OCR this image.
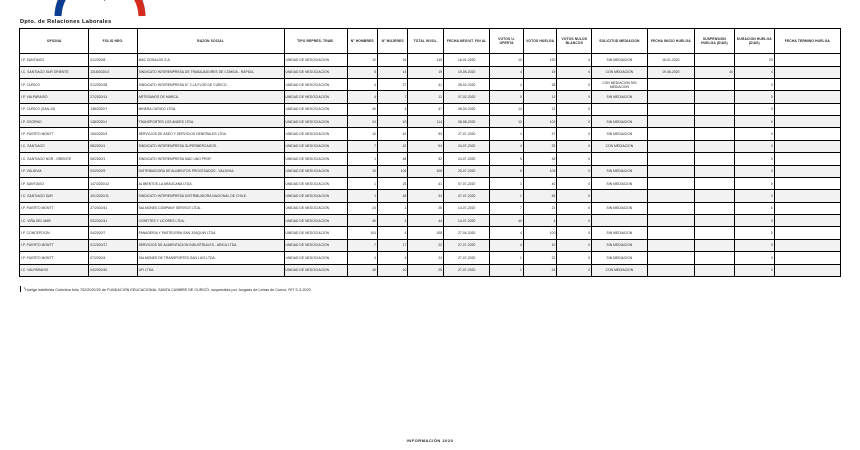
Dpto. de Relaciones Laborales
OFICINA	FOLIO NEG.	RAZON SOCIAL	TIPO REPRES. TRAB.	N° HOMBRES	N° MUJERES	TOTAL INVOL.	FECHA NEG/UT. FIN AL	VOTOS U. OFERTA	VOTOS HUELGA	VOTOS NULOS BLANCOS	SOLICITUD MEDIACION	FECHA INICIO HUELGA	SUSPENSION HUELGA (DIAS)	DURACION HUELGA (DIAS)	FECHA TERMINO HUELGA
I.P. SANTIAGO	01/2020/8	MAC DONALDS S.A.	UNIDAD DE NEGOCIACION	10	16	145	16-01-2020	10	130	4	SIN MEDIACION	16-01-2020		20	
I.C. SANTIAGO SUR ORIENTE	1318/2020/3	SINDICATO INTEREMPRESA DE TRABAJADORES DE COMIDA - RAPIDA.	UNIDAD DE NEGOCIACION	5	14	19	19-06-2020	4	15	0	CON MEDIACION	19-06-2020	40	4	
I.P. CURICO	01/2020/28	SINDICATO INTEREMPRESA N° 2 LA FLOR DE CURICO.	UNIDAD DE NEGOCIACION	4	27	41	28-02-2020	4	28	0	CON MEDIACION SIN MEDIACION			0	
I.P. VALPARAISO	27/2020/14	ARTESANOS DE MARCA.	UNIDAD DE NEGOCIACION	4	7	11	07-02-2020	0	11	0	SIN MEDIACION			0	
I.P. CURICO (SAN-10)	138/2020/7	MINERA CURICO LTDA.	UNIDAD DE NEGOCIACION	40	4	47	08-04-2020	14	21	0				0	
I.P. OSORNO	148/2020/1	TRANSPORTES LOS ANDES LTDA.	UNIDAD DE NEGOCIACION	24	10	114	08-08-2020	12	102	0	SIN MEDIACION			0	
I.P. PUERTO MONTT	105/2020/3	SERVICIOS DE ASEO Y SERVICIOS GENERALES LTDA.	UNIDAD DE NEGOCIACION	10	42	53	27-07-2020	4	47	0	SIN MEDIACION			0	
I.C. SANTIAGO	08/2020/1	SINDICATO INTEREMPRESA SUPERMERCADOS.	UNIDAD DE NEGOCIACION	7	42	54	24-07-2020	4	25	0	CON MEDIACION			0	
I.C. SANTIAGO NOR - ORIENTE	08/2020/1	SINDICATO INTEREMPRESA MAC UNO PROF.	UNIDAD DE NEGOCIACION	1	48	52	24-07-2020	5	48	0				0	
I.P. VALDIVIA	04/2020/9	DISTRIBUIDORA DE ALIMENTOS PROCESADOS - VALDIVIA.	UNIDAD DE NEGOCIACION	10	103	108	20-07-2020	5	104	0	SIN MEDIACION			0	
I.P. SANTIAGO	147/2020/12	ALIMENTOS LA ARAUCANA LTDA.	UNIDAD DE NEGOCIACION	1	25	41	07-07-2020	1	40	0	SIN MEDIACION			0	
I.C. SANTIAGO SUR	101/2020/11	SINDICATO INTEREMPRESA DISTRIBUIDORA NACIONAL DE CHILE.	UNIDAD DE NEGOCIACION	1	48	44	07-07-2020	1	45	0				0	
I.P. PUERTO MONTT	27/2020/41	SALMONES COMPANY SERVICE LTDA.	UNIDAD DE NEGOCIACION	24	1	25	14-07-2020	7	21	0	SIN MEDIACION			0	
I.C. VIÑA DEL MAR	03/2020/41	CONFITES Y LICORES LTDA.	UNIDAD DE NEGOCIACION	40	4	44	14-07-2020	40	4	0				0	
I.P. CONCEPCION	04/2020/7	PANADERIA Y PASTELERIA SAN JOAQUIN LTDA.	UNIDAD DE NEGOCIACION	104	4	108	27-04-2020	4	100	0	SIN MEDIACION			0	
I.P. PUERTO MONTT	01/2020/17	SERVICIOS DE ALIMENTACION INDUSTRIALES - ARICA LTDA.	UNIDAD DE NEGOCIACION	7	17	22	27-07-2020	4	10	0	SIN MEDIACION			0	
I.P. PUERTO MONTT	07/2020/4	SALMONES DE TRANSPORTES SAN LUIS LTDA.	UNIDAD DE NEGOCIACION	4	4	24	27-07-2020	1	22	0	SIN MEDIACION			0	
I.C. VALPARAISO	04/2020/40	UFI LTDA.	UNIDAD DE NEGOCIACION	45	10	25	27-07-2020	1	24	0	CON MEDIACION			0	
$^1$Huelga indefinida Colectiva folio 702/2020/20 de FUNDACIÓN EDUCACIONAL SANTA CUMBRE DE CURICÓ, suspendida por Juzgado de Letras de Curicó, RIT S-3-2020
INFORMACIÓN 2020
